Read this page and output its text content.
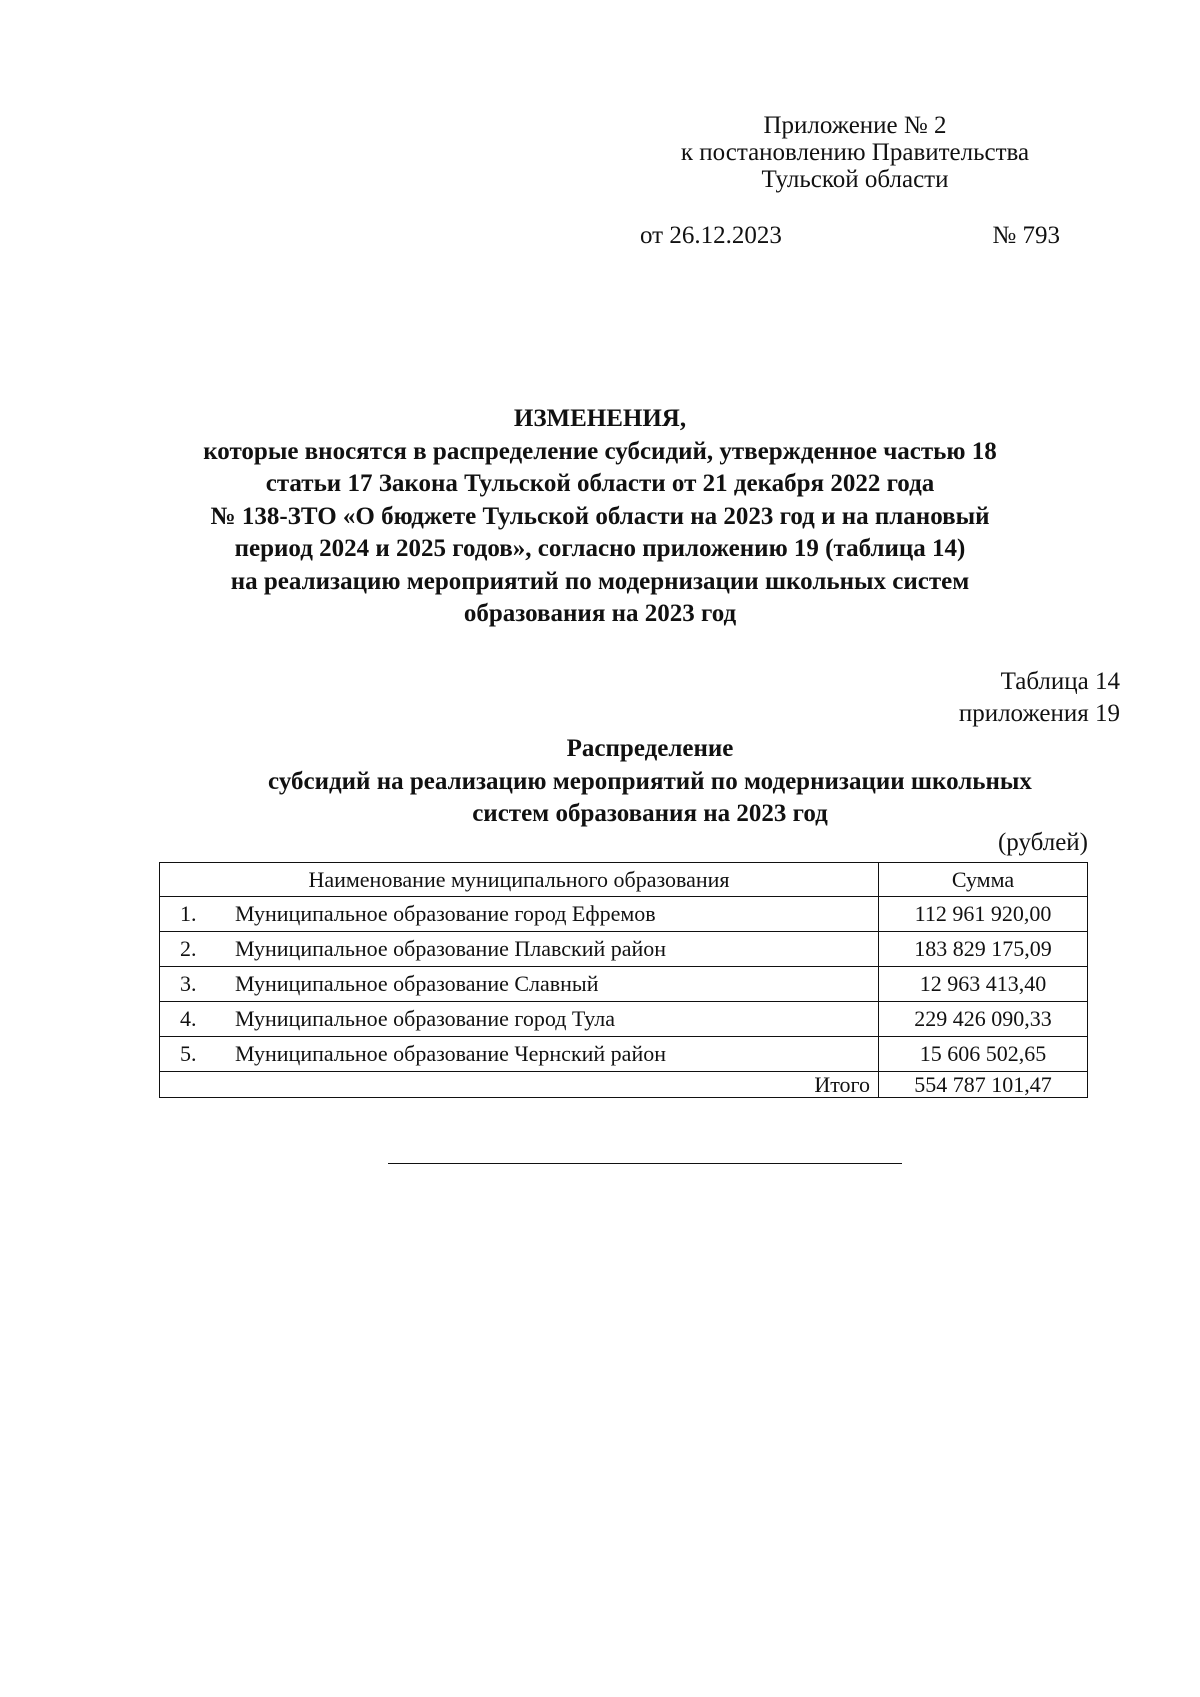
Приложение № 2
к постановлению Правительства
Тульской области
от 26.12.2023	№ 793
ИЗМЕНЕНИЯ,
которые вносятся в распределение субсидий, утвержденное частью 18
статьи 17 Закона Тульской области от 21 декабря 2022 года
№ 138-ЗТО «О бюджете Тульской области на 2023 год и на плановый
период 2024 и 2025 годов», согласно приложению 19 (таблица 14)
на реализацию мероприятий по модернизации школьных систем
образования на 2023 год
Таблица 14
приложения 19
Распределение
субсидий на реализацию мероприятий по модернизации школьных
систем образования на 2023 год
(рублей)
Наименование муниципального образования	Сумма
1. Муниципальное образование город Ефремов	112 961 920,00
2. Муниципальное образование Плавский район	183 829 175,09
3. Муниципальное образование Славный	12 963 413,40
4. Муниципальное образование город Тула	229 426 090,33
5. Муниципальное образование Чернский район	15 606 502,65
Итого	554 787 101,47
